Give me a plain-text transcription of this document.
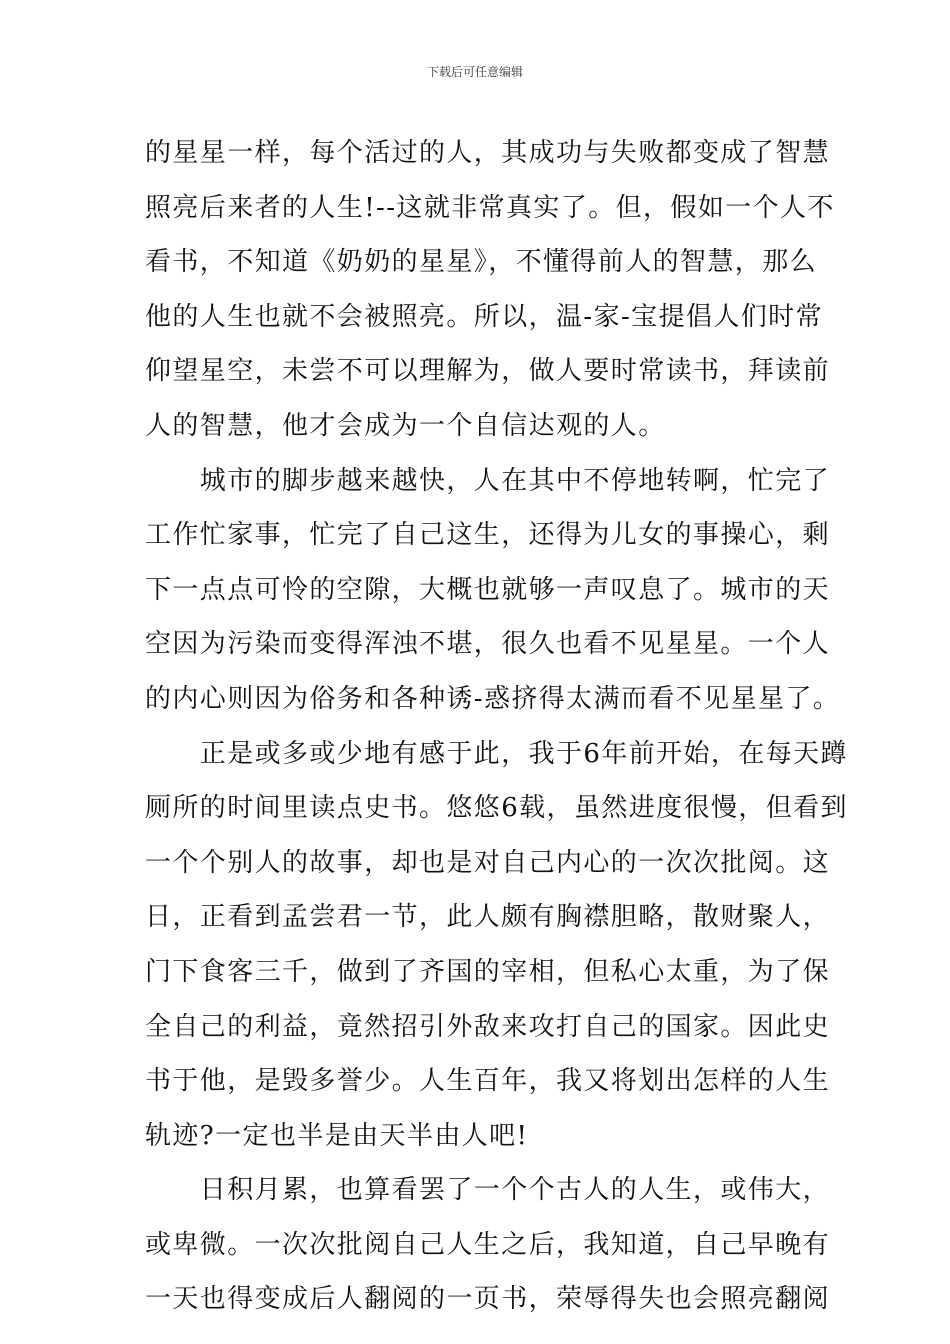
下载后可任意编辑
的星星一样，每个活过的人，其成功与失败都变成了智慧
照亮后来者的人生!--这就非常真实了。但，假如一个人不
看书，不知道《奶奶的星星》，不懂得前人的智慧，那么
他的人生也就不会被照亮。所以，温-家-宝提倡人们时常
仰望星空，未尝不可以理解为，做人要时常读书，拜读前
人的智慧，他才会成为一个自信达观的人。
　　城市的脚步越来越快，人在其中不停地转啊，忙完了
工作忙家事，忙完了自己这生，还得为儿女的事操心，剩
下一点点可怜的空隙，大概也就够一声叹息了。城市的天
空因为污染而变得浑浊不堪，很久也看不见星星。一个人
的内心则因为俗务和各种诱-惑挤得太满而看不见星星了。
　　正是或多或少地有感于此，我于6年前开始，在每天蹲
厕所的时间里读点史书。悠悠6载，虽然进度很慢，但看到
一个个别人的故事，却也是对自己内心的一次次批阅。这
日，正看到孟尝君一节，此人颇有胸襟胆略，散财聚人，
门下食客三千，做到了齐国的宰相，但私心太重，为了保
全自己的利益，竟然招引外敌来攻打自己的国家。因此史
书于他，是毁多誉少。人生百年，我又将划出怎样的人生
轨迹?一定也半是由天半由人吧!
　　日积月累，也算看罢了一个个古人的人生，或伟大，
或卑微。一次次批阅自己人生之后，我知道，自己早晚有
一天也得变成后人翻阅的一页书，荣辱得失也会照亮翻阅
